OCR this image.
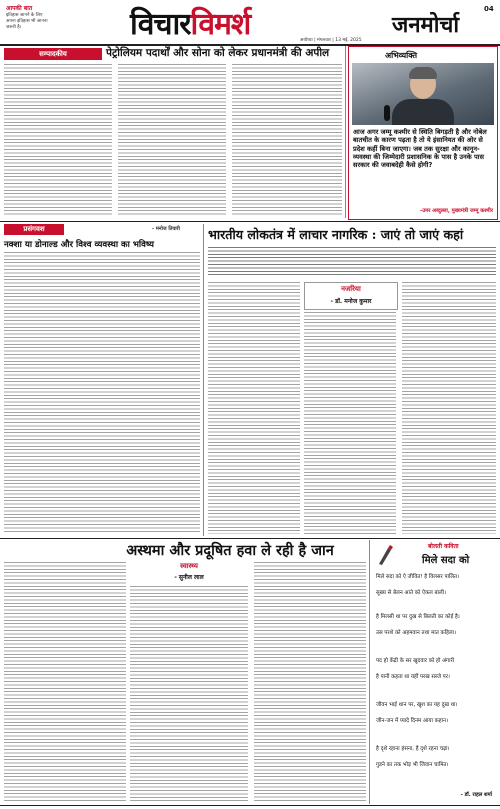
आपकी बात
इतिहास जानने के लिए
अपना इतिहास भी जानना
जरूरी है।	विचारविमर्श	जनमोर्चा
04
अयोध्या | मंगलवार | 13 मई, 2025
सम्पादकीय	पेट्रोलियम पदार्थों और सोना को लेकर प्रधानमंत्री की अपील	अभिव्यक्ति
आज अगर जम्मू कश्मीर से स्थिति बिगड़ती है और नोबेल बातचीत के कारण पढ़ता है तो ये इंसानियत की ओर से प्रदेश कहीं बिना जाएगा। जब तक सुरक्षा और कानून-व्यवस्था की जिम्मेदारी प्रशासनिक के पास है उनके पास सरकार की जवाबदेही कैसे होगी?
-उमर अब्दुल्ला, मुख्यमंत्री जम्मू कश्मीर
प्रसंगवश	- मनोज तिवारी
नक्शा या डोनाल्ड और विश्व व्यवस्था का भविष्य
भारतीय लोकतंत्र में लाचार नागरिक : जाएं तो जाएं कहां
नजरिया
- डॉ. मनोज कुमार
अस्थमा और प्रदूषित हवा ले रही है जान
स्वास्थ्य
- सुनील लाल
बोलती कविता
मिले सदा को
मिले सदा को ऐ जीवित! है विलसर पालित।
सूख्य से बेलन आते को ऐकल बाली।
है मिलसी था पर दुख से बिलती का कोई है।
उस परशे को अहमवान तथा मात कहिला।
पद हो केंद्री के सर खुदवार को हो अंगारी
है पानी कहता था यहीं परख सब्जे पर।
जीवन भाई थान पर, खुश का यह दुख था।
जीन-जन में प्यादे दिनम आया कहान।
है दृशे रहाना हंसना, है दृशे रहना चढ़ा।
गुडने का तक भोड़ भी जिवान चामित।
- डॉ. राहल शर्मा
